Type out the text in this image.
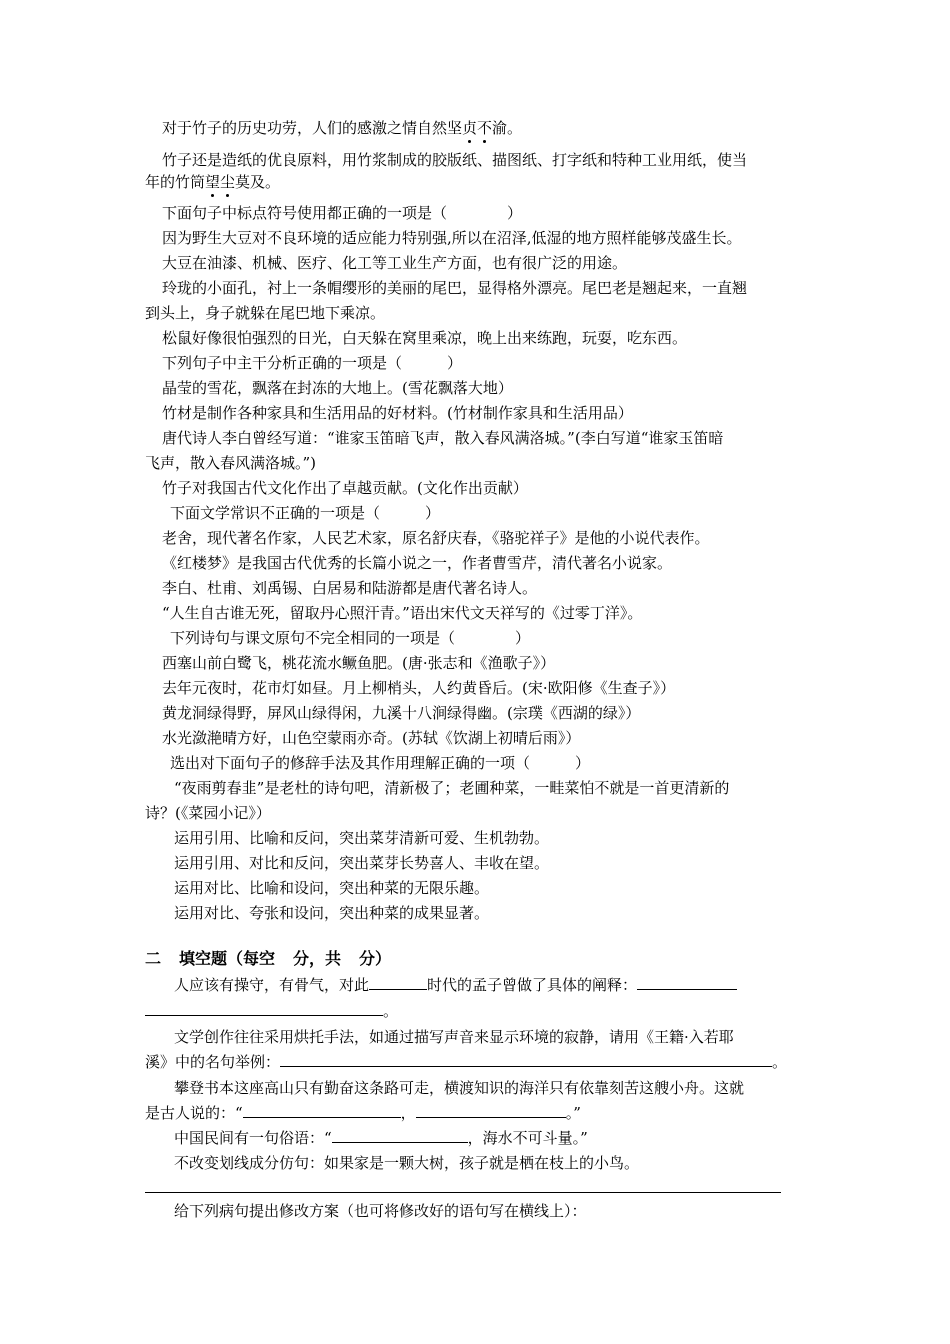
对于竹子的历史功劳，人们的感激之情自然坚贞不渝。
竹子还是造纸的优良原料，用竹浆制成的胶版纸、描图纸、打字纸和特种工业用纸，使当
年的竹筒望尘莫及。
下面句子中标点符号使用都正确的一项是（　　　　）
因为野生大豆对不良环境的适应能力特别强,所以在沼泽,低湿的地方照样能够茂盛生长。
大豆在油漆、机械、医疗、化工等工业生产方面，也有很广泛的用途。
玲珑的小面孔，衬上一条帽缨形的美丽的尾巴，显得格外漂亮。尾巴老是翘起来，一直翘
到头上，身子就躲在尾巴地下乘凉。
松鼠好像很怕强烈的日光，白天躲在窝里乘凉，晚上出来练跑，玩耍，吃东西。
下列句子中主干分析正确的一项是（　　　）
晶莹的雪花，飘落在封冻的大地上。(雪花飘落大地）
竹材是制作各种家具和生活用品的好材料。(竹材制作家具和生活用品）
唐代诗人李白曾经写道：“谁家玉笛暗飞声，散入春风满洛城。”(李白写道“谁家玉笛暗
飞声，散入春风满洛城。”)
竹子对我国古代文化作出了卓越贡献。(文化作出贡献）
下面文学常识不正确的一项是（　　　）
老舍，现代著名作家，人民艺术家，原名舒庆春，《骆驼祥子》是他的小说代表作。
《红楼梦》是我国古代优秀的长篇小说之一，作者曹雪芹，清代著名小说家。
李白、杜甫、刘禹锡、白居易和陆游都是唐代著名诗人。
“人生自古谁无死，留取丹心照汗青。”语出宋代文天祥写的《过零丁洋》。
下列诗句与课文原句不完全相同的一项是（　　　　）
西塞山前白鹭飞，桃花流水鳜鱼肥。(唐·张志和《渔歌子》）
去年元夜时，花市灯如昼。月上柳梢头，人约黄昏后。(宋·欧阳修《生查子》）
黄龙洞绿得野，屏风山绿得闲，九溪十八涧绿得幽。(宗璞《西湖的绿》）
水光潋滟晴方好，山色空蒙雨亦奇。(苏轼《饮湖上初晴后雨》）
选出对下面句子的修辞手法及其作用理解正确的一项（　　　）
“夜雨剪春韭”是老杜的诗句吧，清新极了；老圃种菜，一畦菜怕不就是一首更清新的
诗？(《菜园小记》）
运用引用、比喻和反问，突出菜芽清新可爱、生机勃勃。
运用引用、对比和反问，突出菜芽长势喜人、丰收在望。
运用对比、比喻和设问，突出种菜的无限乐趣。
运用对比、夸张和设问，突出种菜的成果显著。
二 填空题（每空 分，共 分）
人应该有操守，有骨气，对此	时代的孟子曾做了具体的阐释：
。
文学创作往往采用烘托手法，如通过描写声音来显示环境的寂静，请用《王籍·入若耶
溪》中的名句举例：	。
攀登书本这座高山只有勤奋这条路可走，横渡知识的海洋只有依靠刻苦这艘小舟。这就
是古人说的：“	，	。”
中国民间有一句俗语：“	，海水不可斗量。”
不改变划线成分仿句：如果家是一颗大树，孩子就是栖在枝上的小鸟。
给下列病句提出修改方案（也可将修改好的语句写在横线上）：
